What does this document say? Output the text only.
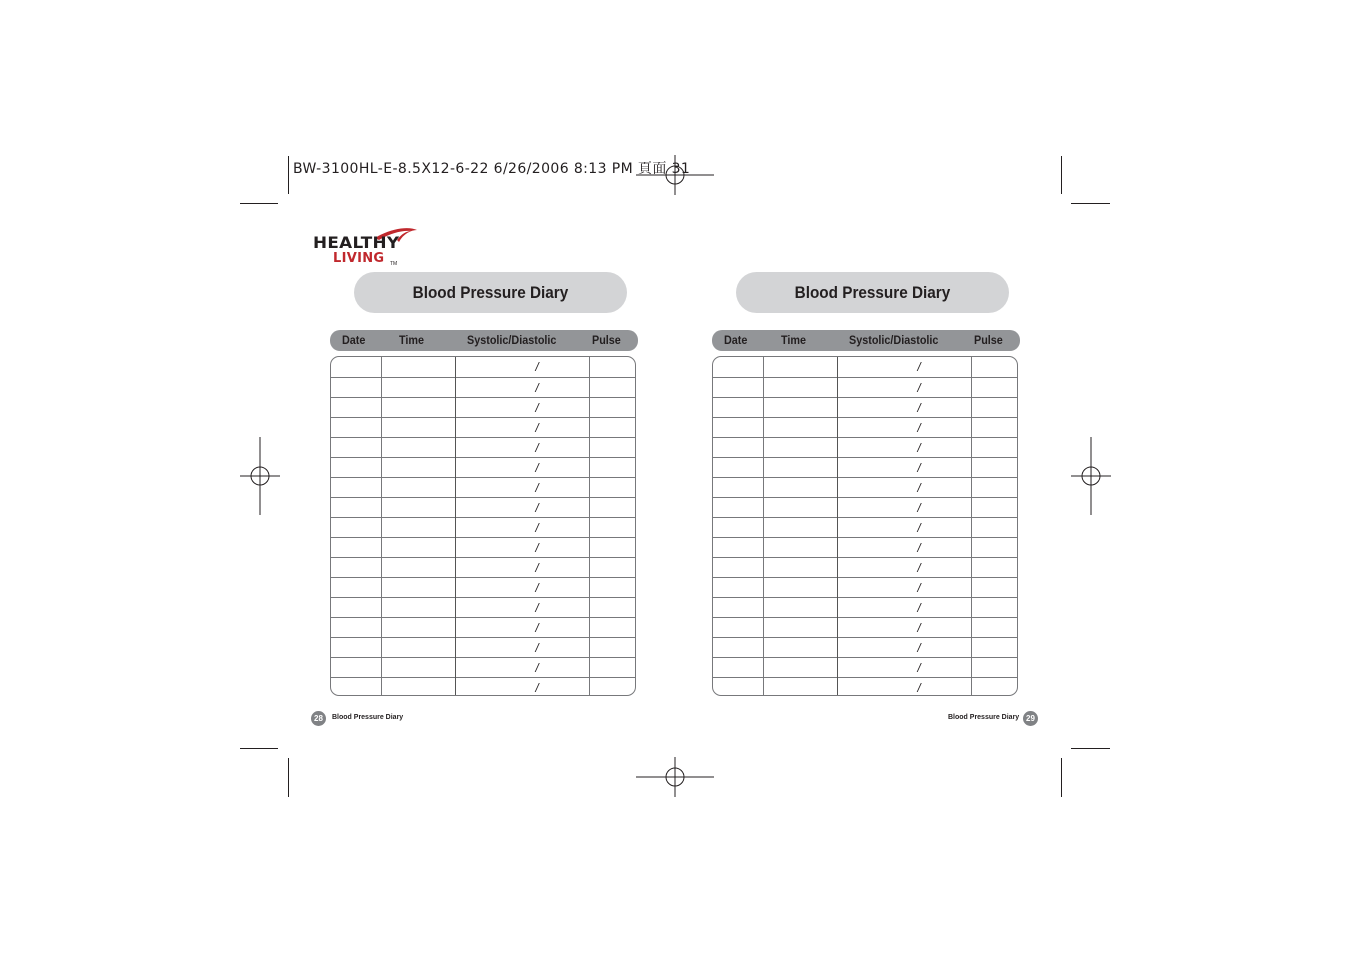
BW-3100HL-E-8.5X12-6-22 6/26/2006 8:13 PM 頁面 31
HEALTHY
LIVING TM
Blood Pressure Diary
Date	Time	Systolic/Diastolic	Pulse
/
/
/
/
/
/
/
/
/
/
/
/
/
/
/
/
/
28	Blood Pressure Diary
Blood Pressure Diary
Date	Time	Systolic/Diastolic	Pulse
/
/
/
/
/
/
/
/
/
/
/
/
/
/
/
/
/
29
Blood Pressure Diary
